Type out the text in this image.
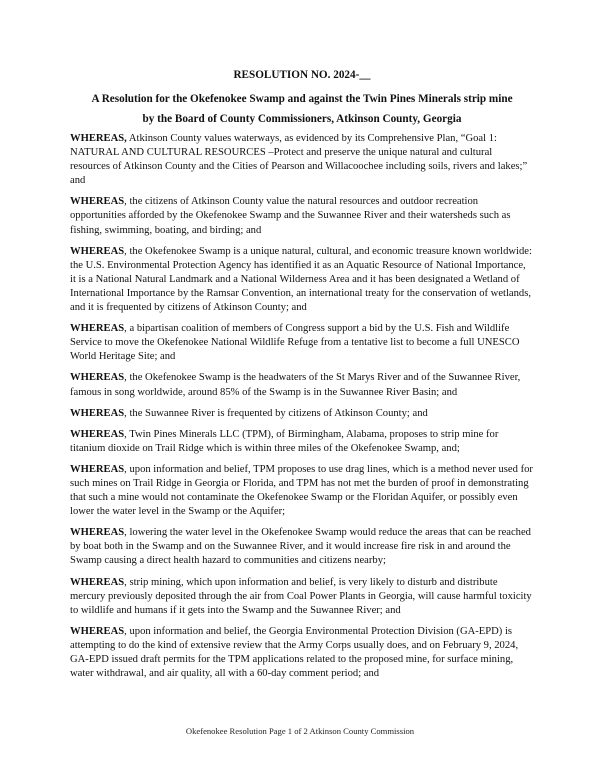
RESOLUTION NO. 2024-__
A Resolution for the Okefenokee Swamp and against the Twin Pines Minerals strip mine
by the Board of County Commissioners, Atkinson County, Georgia

WHEREAS, Atkinson County values waterways, as evidenced by its Comprehensive Plan, “Goal 1: NATURAL AND CULTURAL RESOURCES –Protect and preserve the unique natural and cultural resources of Atkinson County and the Cities of Pearson and Willacoochee including soils, rivers and lakes;” and

WHEREAS, the citizens of Atkinson County value the natural resources and outdoor recreation opportunities afforded by the Okefenokee Swamp and the Suwannee River and their watersheds such as fishing, swimming, boating, and birding; and

WHEREAS, the Okefenokee Swamp is a unique natural, cultural, and economic treasure known worldwide: the U.S. Environmental Protection Agency has identified it as an Aquatic Resource of National Importance, it is a National Natural Landmark and a National Wilderness Area and it has been designated a Wetland of International Importance by the Ramsar Convention, an international treaty for the conservation of wetlands, and it is frequented by citizens of Atkinson County; and

WHEREAS, a bipartisan coalition of members of Congress support a bid by the U.S. Fish and Wildlife Service to move the Okefenokee National Wildlife Refuge from a tentative list to become a full UNESCO World Heritage Site; and

WHEREAS, the Okefenokee Swamp is the headwaters of the St Marys River and of the Suwannee River, famous in song worldwide, around 85% of the Swamp is in the Suwannee River Basin; and

WHEREAS, the Suwannee River is frequented by citizens of Atkinson County; and

WHEREAS, Twin Pines Minerals LLC (TPM), of Birmingham, Alabama, proposes to strip mine for titanium dioxide on Trail Ridge which is within three miles of the Okefenokee Swamp, and;

WHEREAS, upon information and belief, TPM proposes to use drag lines, which is a method never used for such mines on Trail Ridge in Georgia or Florida, and TPM has not met the burden of proof in demonstrating that such a mine would not contaminate the Okefenokee Swamp or the Floridan Aquifer, or possibly even lower the water level in the Swamp or the Aquifer;

WHEREAS, lowering the water level in the Okefenokee Swamp would reduce the areas that can be reached by boat both in the Swamp and on the Suwannee River, and it would increase fire risk in and around the Swamp causing a direct health hazard to communities and citizens nearby;

WHEREAS, strip mining, which upon information and belief, is very likely to disturb and distribute mercury previously deposited through the air from Coal Power Plants in Georgia, will cause harmful toxicity to wildlife and humans if it gets into the Swamp and the Suwannee River; and

WHEREAS, upon information and belief, the Georgia Environmental Protection Division (GA-EPD) is attempting to do the kind of extensive review that the Army Corps usually does, and on February 9, 2024, GA-EPD issued draft permits for the TPM applications related to the proposed mine, for surface mining, water withdrawal, and air quality, all with a 60-day comment period; and

Okefenokee Resolution Page 1 of 2 Atkinson County Commission
